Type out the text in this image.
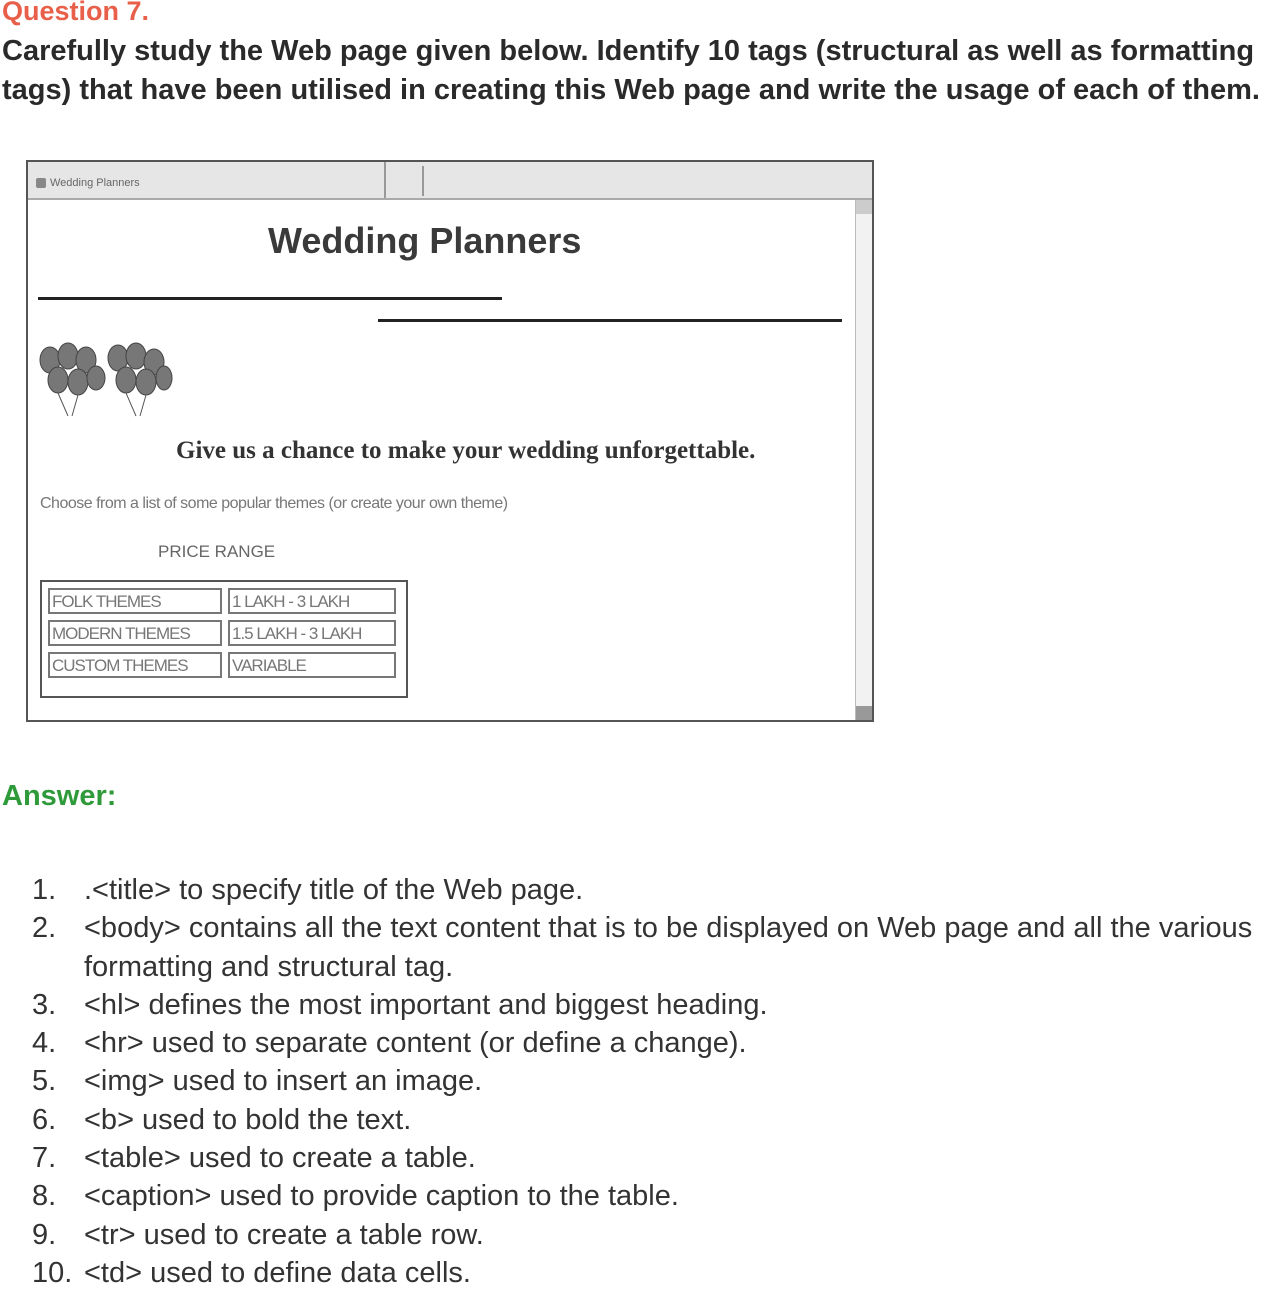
Question 7.
Carefully study the Web page given below. Identify 10 tags (structural as well as formatting tags) that have been utilised in creating this Web page and write the usage of each of them.
Wedding Planners
Wedding Planners
Give us a chance to make your wedding unforgettable.
Choose from a list of some popular themes (or create your own theme)
PRICE RANGE
FOLK THEMES	1 LAKH - 3 LAKH
MODERN THEMES	1.5 LAKH - 3 LAKH
CUSTOM THEMES	VARIABLE
Answer:
1. .<title> to specify title of the Web page.
2. <body> contains all the text content that is to be displayed on Web page and all the various formatting and structural tag.
3. <hl> defines the most important and biggest heading.
4. <hr> used to separate content (or define a change).
5. <img> used to insert an image.
6. <b> used to bold the text.
7. <table> used to create a table.
8. <caption> used to provide caption to the table.
9. <tr> used to create a table row.
10. <td> used to define data cells.
